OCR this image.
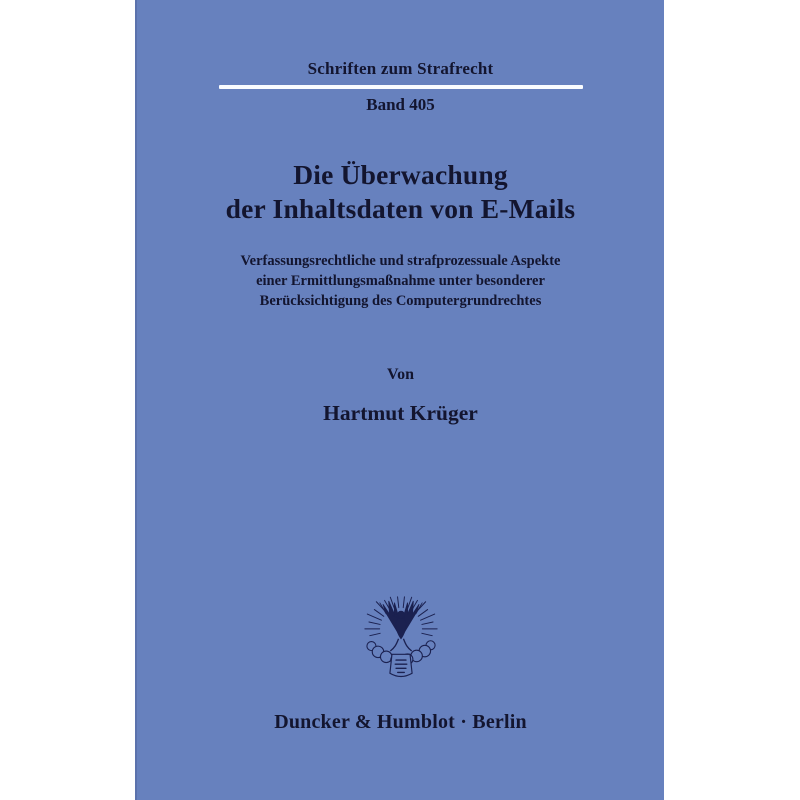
Schriften zum Strafrecht
Band 405
Die Überwachung
der Inhaltsdaten von E-Mails
Verfassungsrechtliche und strafprozessuale Aspekte
einer Ermittlungsmaßnahme unter besonderer
Berücksichtigung des Computergrundrechtes
Von
Hartmut Krüger
Duncker & Humblot · Berlin
